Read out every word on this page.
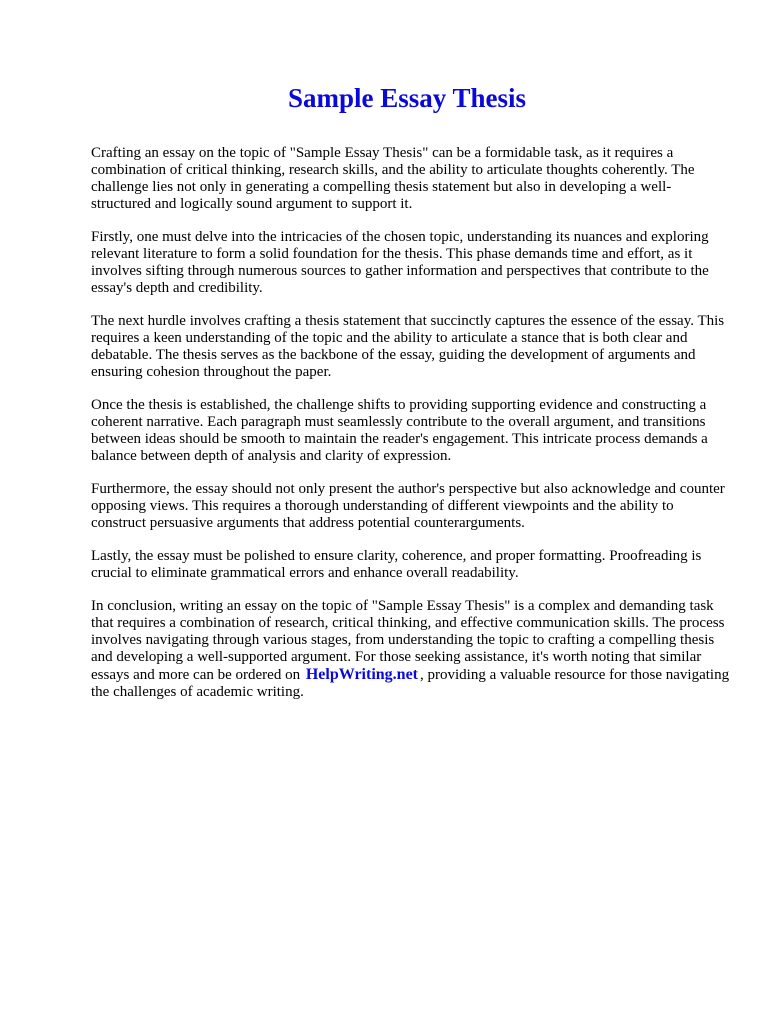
Sample Essay Thesis

Crafting an essay on the topic of "Sample Essay Thesis" can be a formidable task, as it requires a combination of critical thinking, research skills, and the ability to articulate thoughts coherently. The challenge lies not only in generating a compelling thesis statement but also in developing a well-structured and logically sound argument to support it.

Firstly, one must delve into the intricacies of the chosen topic, understanding its nuances and exploring relevant literature to form a solid foundation for the thesis. This phase demands time and effort, as it involves sifting through numerous sources to gather information and perspectives that contribute to the essay's depth and credibility.

The next hurdle involves crafting a thesis statement that succinctly captures the essence of the essay. This requires a keen understanding of the topic and the ability to articulate a stance that is both clear and debatable. The thesis serves as the backbone of the essay, guiding the development of arguments and ensuring cohesion throughout the paper.

Once the thesis is established, the challenge shifts to providing supporting evidence and constructing a coherent narrative. Each paragraph must seamlessly contribute to the overall argument, and transitions between ideas should be smooth to maintain the reader's engagement. This intricate process demands a balance between depth of analysis and clarity of expression.

Furthermore, the essay should not only present the author's perspective but also acknowledge and counter opposing views. This requires a thorough understanding of different viewpoints and the ability to construct persuasive arguments that address potential counterarguments.

Lastly, the essay must be polished to ensure clarity, coherence, and proper formatting. Proofreading is crucial to eliminate grammatical errors and enhance overall readability.

In conclusion, writing an essay on the topic of "Sample Essay Thesis" is a complex and demanding task that requires a combination of research, critical thinking, and effective communication skills. The process involves navigating through various stages, from understanding the topic to crafting a compelling thesis and developing a well-supported argument. For those seeking assistance, it's worth noting that similar essays and more can be ordered on HelpWriting.net , providing a valuable resource for those navigating the challenges of academic writing.
